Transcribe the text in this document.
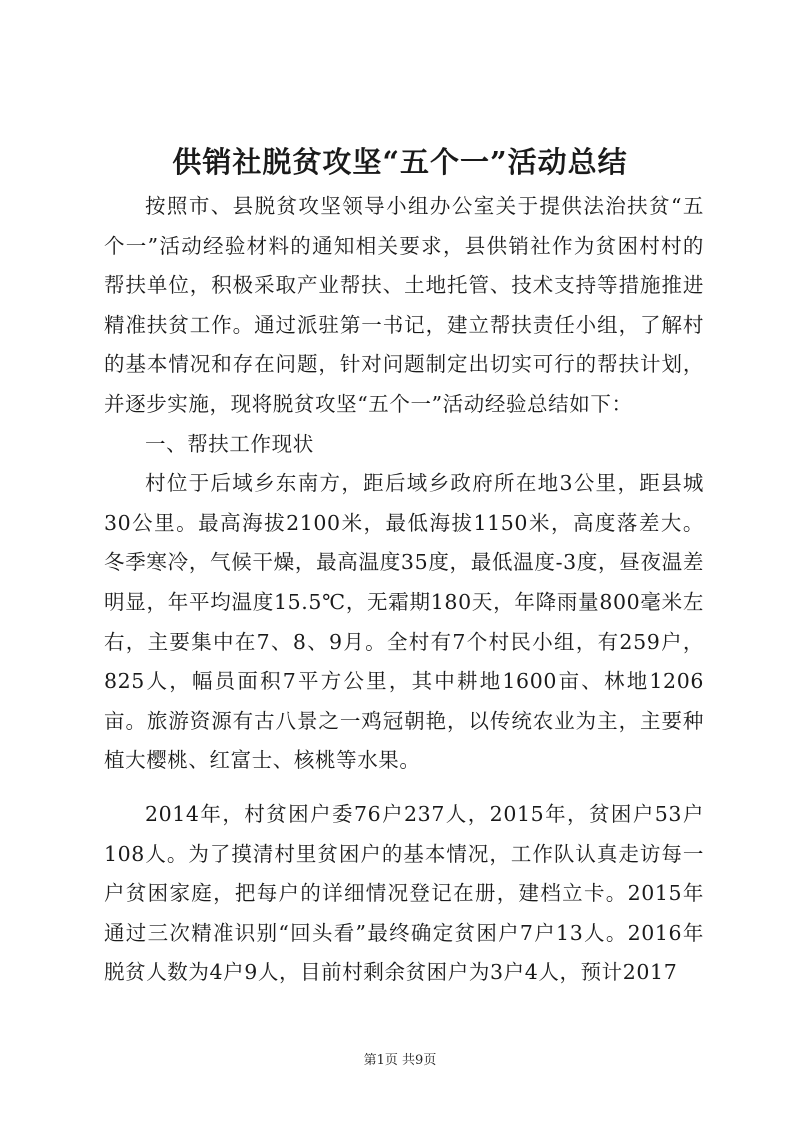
供销社脱贫攻坚“五个一”活动总结

按照市、县脱贫攻坚领导小组办公室关于提供法治扶贫“五个一”活动经验材料的通知相关要求，县供销社作为贫困村村的帮扶单位，积极采取产业帮扶、土地托管、技术支持等措施推进精准扶贫工作。通过派驻第一书记，建立帮扶责任小组，了解村的基本情况和存在问题，针对问题制定出切实可行的帮扶计划，并逐步实施，现将脱贫攻坚“五个一”活动经验总结如下：

一、帮扶工作现状

村位于后域乡东南方，距后域乡政府所在地3公里，距县城30公里。最高海拔2100米，最低海拔1150米，高度落差大。冬季寒冷，气候干燥，最高温度35度，最低温度-3度，昼夜温差明显，年平均温度15.5℃，无霜期180天，年降雨量800毫米左右，主要集中在7、8、9月。全村有7个村民小组，有259户，825人，幅员面积7平方公里，其中耕地1600亩、林地1206亩。旅游资源有古八景之一鸡冠朝艳，以传统农业为主，主要种植大樱桃、红富士、核桃等水果。

2014年，村贫困户委76户237人，2015年，贫困户53户108人。为了摸清村里贫困户的基本情况，工作队认真走访每一户贫困家庭，把每户的详细情况登记在册，建档立卡。2015年通过三次精准识别“回头看”最终确定贫困户7户13人。2016年脱贫人数为4户9人，目前村剩余贫困户为3户4人，预计2017

第1页 共9页
